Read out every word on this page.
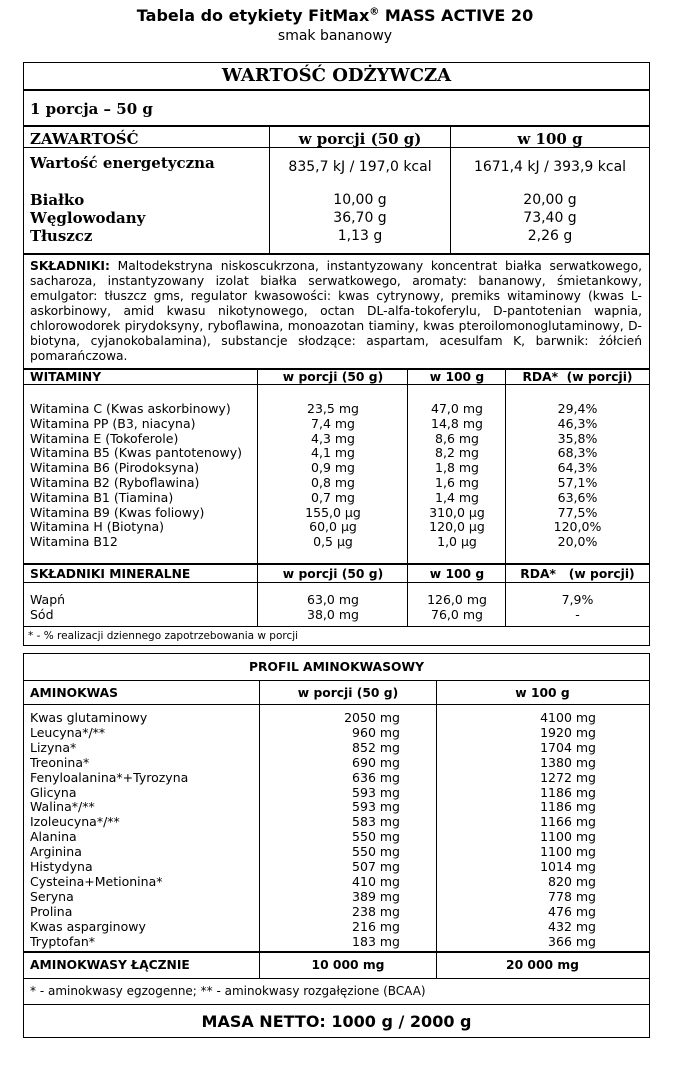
Tabela do etykiety FitMax® MASS ACTIVE 20
smak bananowy
WARTOŚĆ ODŻYWCZA
1 porcja – 50 g
ZAWARTOŚĆ	w porcji (50 g)	w 100 g
Wartość energetyczna	835,7 kJ / 197,0 kcal	1671,4 kJ / 393,9 kcal
Białko	10,00 g	20,00 g
Węglowodany	36,70 g	73,40 g
Tłuszcz	1,13 g	2,26 g
SKŁADNIKI: Maltodekstryna niskoscukrzona, instantyzowany koncentrat białka serwatkowego, sacharoza, instantyzowany izolat białka serwatkowego, aromaty: bananowy, śmietankowy, emulgator: tłuszcz gms, regulator kwasowości: kwas cytrynowy, premiks witaminowy (kwas L-askorbinowy, amid kwasu nikotynowego, octan DL-alfa-tokoferylu, D-pantotenian wapnia, chlorowodorek pirydoksyny, ryboflawina, monoazotan tiaminy, kwas pteroilomonoglutaminowy, D-biotyna, cyjanokobalamina), substancje słodzące: aspartam, acesulfam K, barwnik: żółcień pomarańczowa.
WITAMINY	w porcji (50 g)	w 100 g	RDA*  (w porcji)
Witamina C (Kwas askorbinowy)	23,5 mg	47,0 mg	29,4%
Witamina PP (B3, niacyna)	7,4 mg	14,8 mg	46,3%
Witamina E (Tokoferole)	4,3 mg	8,6 mg	35,8%
Witamina B5 (Kwas pantotenowy)	4,1 mg	8,2 mg	68,3%
Witamina B6 (Pirodoksyna)	0,9 mg	1,8 mg	64,3%
Witamina B2 (Ryboflawina)	0,8 mg	1,6 mg	57,1%
Witamina B1 (Tiamina)	0,7 mg	1,4 mg	63,6%
Witamina B9 (Kwas foliowy)	155,0 µg	310,0 µg	77,5%
Witamina H (Biotyna)	60,0 µg	120,0 µg	120,0%
Witamina B12	0,5 µg	1,0 µg	20,0%
SKŁADNIKI MINERALNE	w porcji (50 g)	w 100 g	RDA*   (w porcji)
Wapń	63,0 mg	126,0 mg	7,9%
Sód	38,0 mg	76,0 mg	-
* - % realizacji dziennego zapotrzebowania w porcji
PROFIL AMINOKWASOWY
AMINOKWAS	w porcji (50 g)	w 100 g
Kwas glutaminowy	2050 mg	4100 mg
Leucyna*/**	960 mg	1920 mg
Lizyna*	852 mg	1704 mg
Treonina*	690 mg	1380 mg
Fenyloalanina*+Tyrozyna	636 mg	1272 mg
Glicyna	593 mg	1186 mg
Walina*/**	593 mg	1186 mg
Izoleucyna*/**	583 mg	1166 mg
Alanina	550 mg	1100 mg
Arginina	550 mg	1100 mg
Histydyna	507 mg	1014 mg
Cysteina+Metionina*	410 mg	820 mg
Seryna	389 mg	778 mg
Prolina	238 mg	476 mg
Kwas asparginowy	216 mg	432 mg
Tryptofan*	183 mg	366 mg
AMINOKWASY ŁĄCZNIE	10 000 mg	20 000 mg
* - aminokwasy egzogenne; ** - aminokwasy rozgałęzione (BCAA)
MASA NETTO: 1000 g / 2000 g
